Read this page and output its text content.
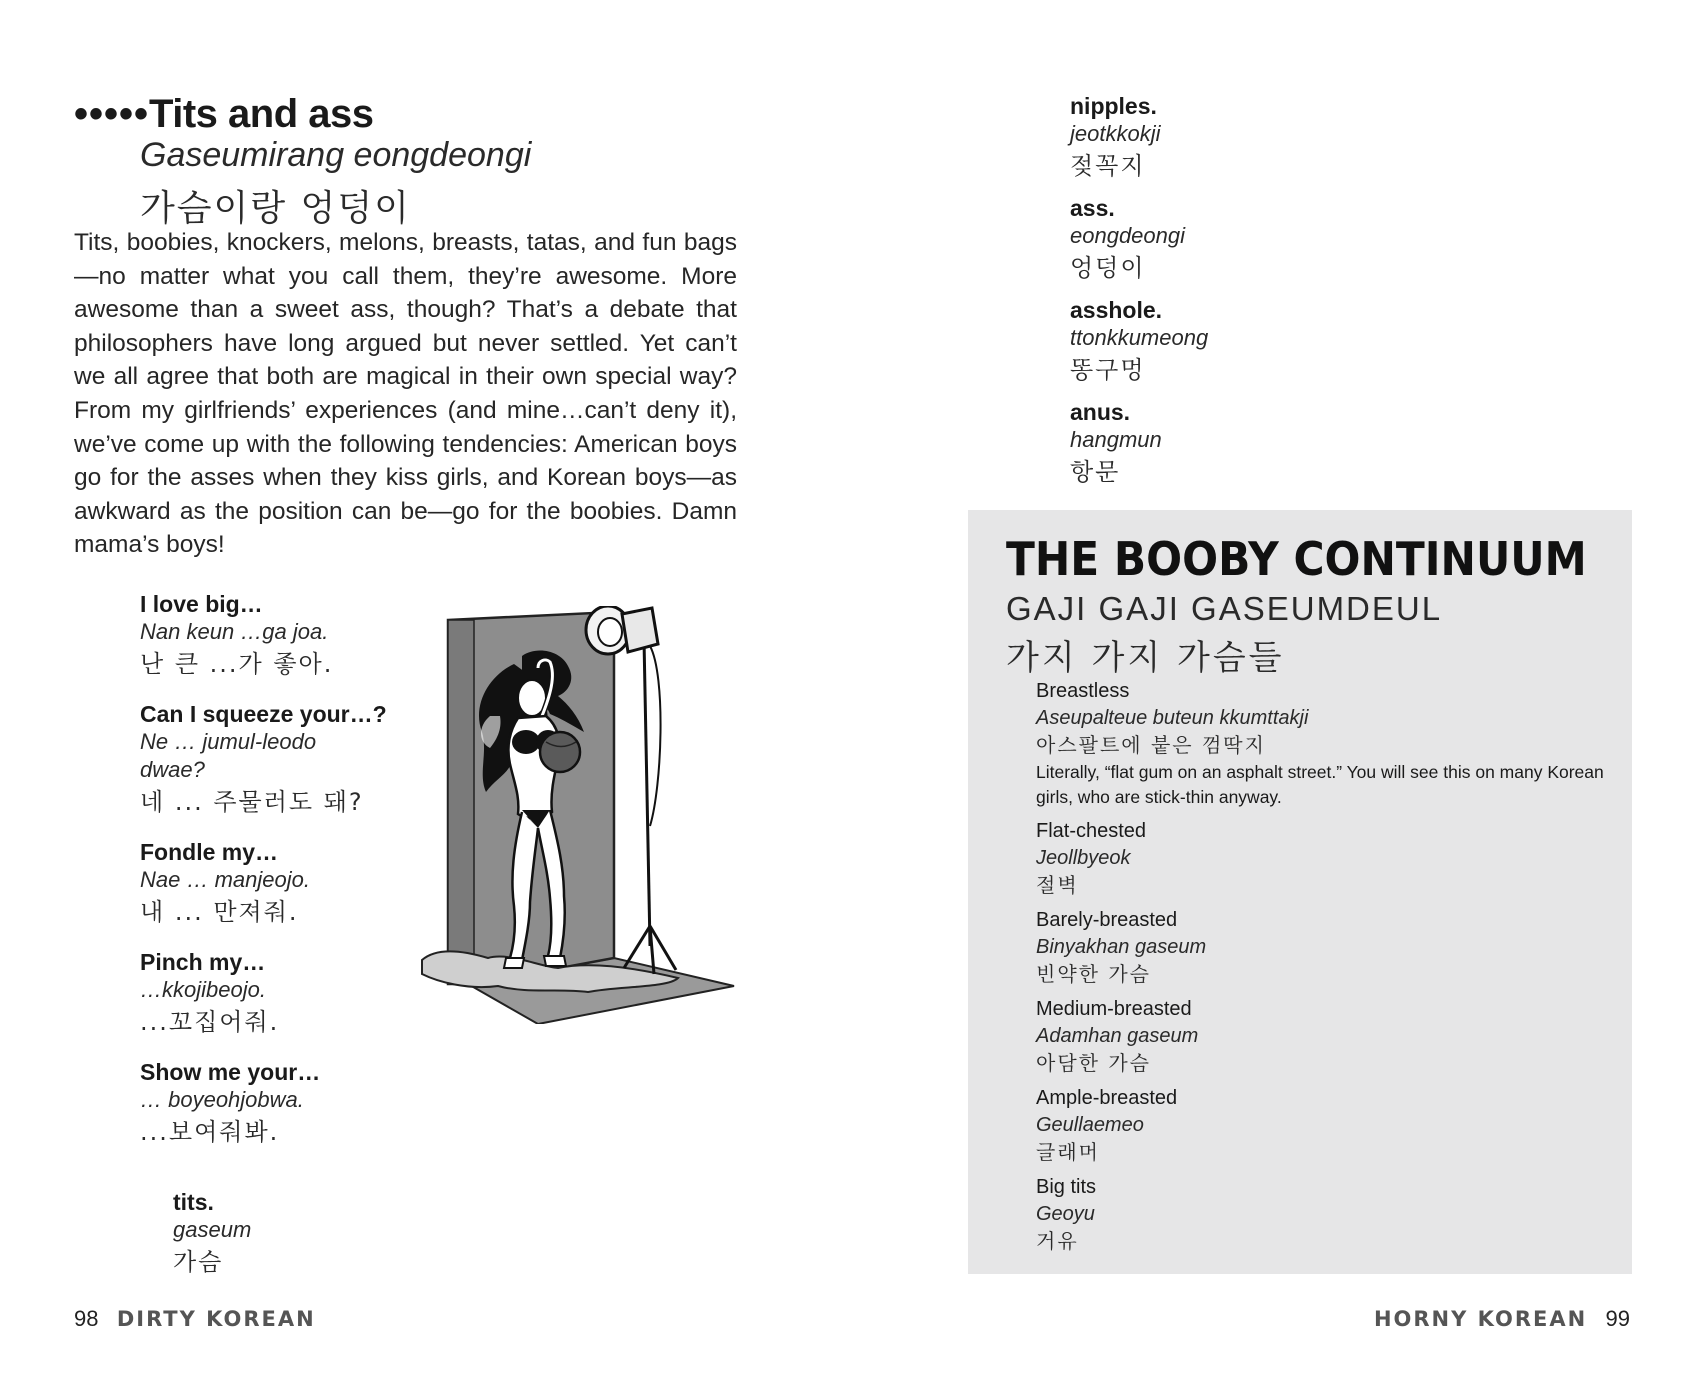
•••••Tits and ass
Gaseumirang eongdeongi
가슴이랑 엉덩이

Tits, boobies, knockers, melons, breasts, tatas, and fun bags—no matter what you call them, they’re awesome. More awesome than a sweet ass, though? That’s a debate that philosophers have long argued but never settled. Yet can’t we all agree that both are magical in their own special way? From my girlfriends’ experiences (and mine…can’t deny it), we’ve come up with the following tendencies: American boys go for the asses when they kiss girls, and Korean boys—as awkward as the position can be—go for the boobies. Damn mama’s boys!

I love big…
Nan keun …ga joa.
난 큰 ...가 좋아.
Can I squeeze your…?
Ne … jumul-leodo dwae?
네 ... 주물러도 돼?
Fondle my…
Nae … manjeojo.
내 ... 만져줘.
Pinch my…
…kkojibeojo.
...꼬집어줘.
Show me your…
… boyeohjobwa.
...보여줘봐.
tits.
gaseum
가슴
98 DIRTY KOREAN
nipples.
jeotkkokji
젖꼭지
ass.
eongdeongi
엉덩이
asshole.
ttonkkumeong
똥구멍
anus.
hangmun
항문
THE BOOBY CONTINUUM
GAJI GAJI GASEUMDEUL
가지 가지 가슴들
Breastless
Aseupalteue buteun kkumttakji
아스팔트에 붙은 껌딱지
Literally, “flat gum on an asphalt street.” You will see this on many Korean girls, who are stick-thin anyway.
Flat-chested
Jeollbyeok
절벽
Barely-breasted
Binyakhan gaseum
빈약한 가슴
Medium-breasted
Adamhan gaseum
아담한 가슴
Ample-breasted
Geullaemeo
글래머
Big tits
Geoyu
거유
HORNY KOREAN 99
